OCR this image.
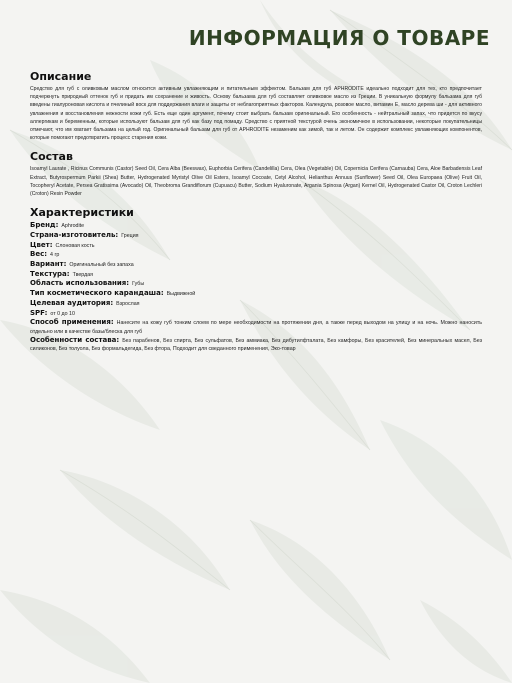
ИНФОРМАЦИЯ О ТОВАРЕ
Описание

Средство для губ с оливковым маслом относится активным увлажняющим и питательным эффектом. Бальзам для губ APHRODITE идеально подходит для тех, кто предпочитает подчеркнуть природный оттенок губ и придать им сохранение и живость. Основу бальзама для губ составляет оливковое масло из Греции. В уникальную формулу бальзама для губ введены гиалуроновая кислота и пчелиный воск для поддержания влаги и защиты от неблагоприятных факторов. Календула, розовое масло, витамин Е, масло дерева ши - для активного увлажнения и восстановления нежности кожи губ. Есть еще один аргумент, почему стоит выбрать бальзам оригинальный. Его особенность - нейтральный запах, что придется по вкусу аллергикам и беременным, которые используют бальзам для губ как базу под помаду. Средство с приятной текстурой очень экономичное в использовании, некоторые покупательницы отмечают, что им хватает бальзама на целый год. Оригинальный бальзам для губ от APHRODITE незаменим как зимой, так и летом. Он содержит комплекс увлажняющих компонентов, которые помогают предотвратить процесс старения кожи.

Состав

Isoamyl Laurate , Ricinus Communis (Castor) Seed Oil, Cera Alba (Beeswax), Euphorbia Cerifera (Candelilla) Cera, Olea (Vegetable) Oil, Copernicia Cerifera (Carnauba) Cera, Aloe Barbadensis Leaf Extract, Butyrospermum Parkii (Shea) Butter, Hydrogenated Myristyl Olive Oil Esters, Isoamyl Cocoate, Cetyl Alcohol, Helianthus Annuus (Sunflower) Seed Oil, Olea Europaea (Olive) Fruit Oil, Tocopheryl Acetate, Persea Gratissima (Avocado) Oil, Theobroma Grandiflorum (Cupuacu) Butter, Sodium Hyaluronate, Argania Spinosa (Argan) Kernel Oil, Hydrogenated Castor Oil, Croton Lechleri (Croton) Resin Powder

Характеристики
Бренд: Aphrodite
Страна-изготовитель: Греция
Цвет: Слоновая кость
Вес: 4 гр
Вариант: Оригинальный без запаха
Текстура: Твердая
Область использования: Губы
Тип косметического карандаша: Выдвижной
Целевая аудитория: Взрослая
SPF: от 0 до 10
Способ применения: Нанесите на кожу губ тонким слоем по мере необходимости на протяжении дня, а также перед выходом на улицу и на ночь. Можно наносить отдельно или в качестве базы/блеска для губ
Особенности состава: Без парабенов, Без спирта, Без сульфатов, Без аммиака, Без дибутилфталата, Без камфоры, Без красителей, Без минеральных масел, Без силиконов, Без толуола, Без формальдегида, Без фтора, Подходит для сведанного применения, Эко-товар
